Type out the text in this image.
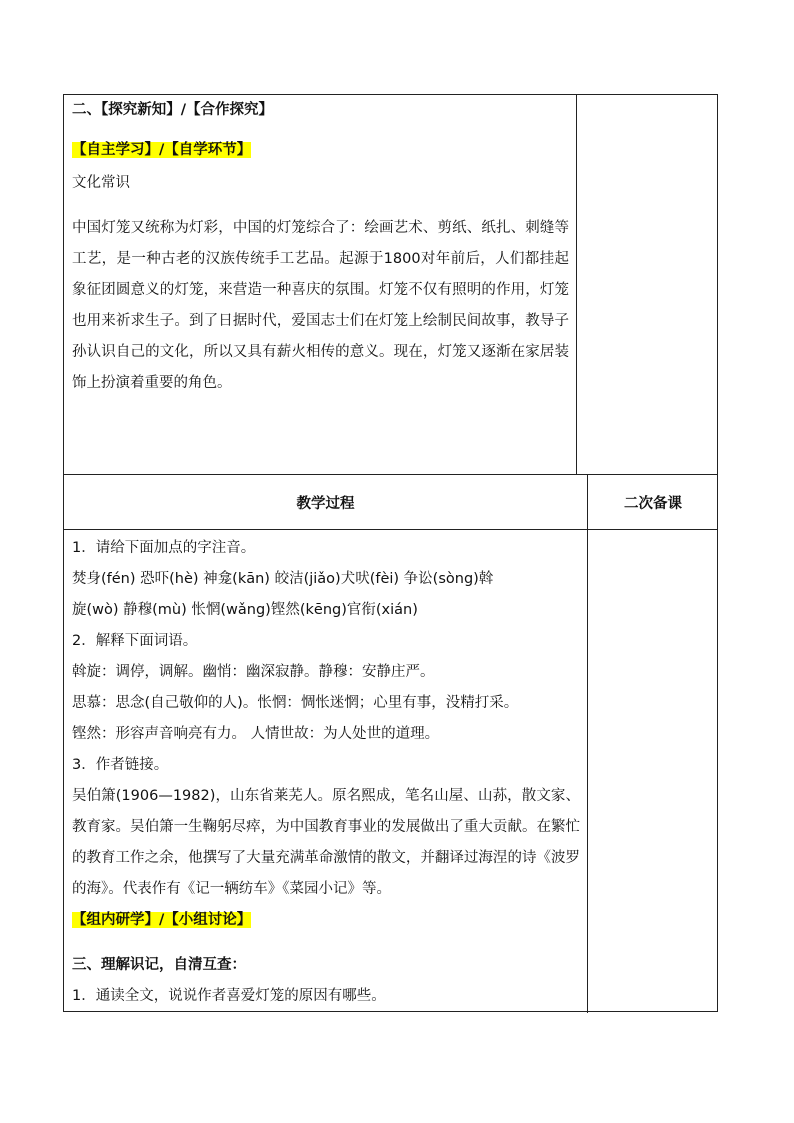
二、【探究新知】/【合作探究】
【自主学习】/【自学环节】
文化常识

中国灯笼又统称为灯彩，中国的灯笼综合了：绘画艺术、剪纸、纸扎、刺缝等工艺，是一种古老的汉族传统手工艺品。起源于1800对年前后，人们都挂起象征团圆意义的灯笼，来营造一种喜庆的氛围。灯笼不仅有照明的作用，灯笼也用来祈求生子。到了日据时代，爱国志士们在灯笼上绘制民间故事，教导子孙认识自己的文化，所以又具有薪火相传的意义。现在，灯笼又逐渐在家居装饰上扮演着重要的角色。

教学过程	二次备课
1．请给下面加点的字注音。
焚身(fén) 恐吓(hè) 神龛(kān) 皎洁(jiǎo)犬吠(fèi) 争讼(sòng)斡
旋(wò) 静穆(mù) 怅惘(wǎng)铿然(kēng)官衔(xián)
2．解释下面词语。
斡旋：调停，调解。幽悄：幽深寂静。静穆：安静庄严。
思慕：思念(自己敬仰的人)。怅惘：惆怅迷惘；心里有事，没精打采。
铿然：形容声音响亮有力。 人情世故：为人处世的道理。
3．作者链接。

吴伯箫(1906—1982)，山东省莱芜人。原名熙成，笔名山屋、山荪，散文家、教育家。吴伯箫一生鞠躬尽瘁，为中国教育事业的发展做出了重大贡献。在繁忙的教育工作之余，他撰写了大量充满革命激情的散文，并翻译过海涅的诗《波罗的海》。代表作有《记一辆纺车》《菜园小记》等。

【组内研学】/【小组讨论】
三、理解识记，自清互查：
1．通读全文，说说作者喜爱灯笼的原因有哪些。
